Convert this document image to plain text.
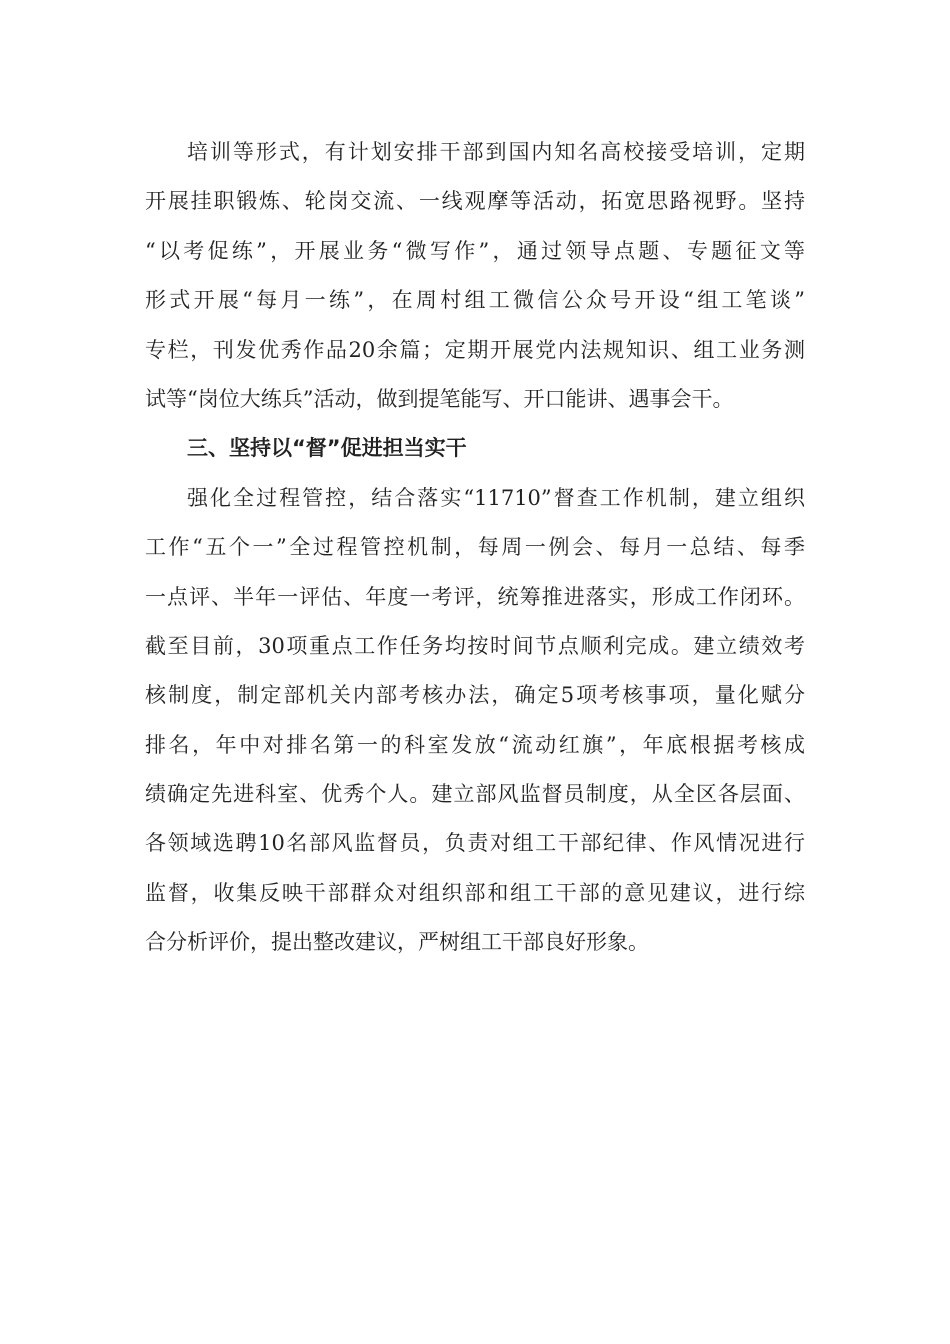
培训等形式，有计划安排干部到国内知名高校接受培训，定期
开展挂职锻炼、轮岗交流、一线观摩等活动，拓宽思路视野。坚持
“以考促练”，开展业务“微写作”，通过领导点题、专题征文等
形式开展“每月一练”，在周村组工微信公众号开设“组工笔谈”
专栏，刊发优秀作品20余篇；定期开展党内法规知识、组工业务测
试等“岗位大练兵”活动，做到提笔能写、开口能讲、遇事会干。
三、坚持以“督”促进担当实干
强化全过程管控，结合落实“11710”督查工作机制，建立组织
工作“五个一”全过程管控机制，每周一例会、每月一总结、每季
一点评、半年一评估、年度一考评，统筹推进落实，形成工作闭环。
截至目前，30项重点工作任务均按时间节点顺利完成。建立绩效考
核制度，制定部机关内部考核办法，确定5项考核事项，量化赋分
排名，年中对排名第一的科室发放“流动红旗”，年底根据考核成
绩确定先进科室、优秀个人。建立部风监督员制度，从全区各层面、
各领域选聘10名部风监督员，负责对组工干部纪律、作风情况进行
监督，收集反映干部群众对组织部和组工干部的意见建议，进行综
合分析评价，提出整改建议，严树组工干部良好形象。
